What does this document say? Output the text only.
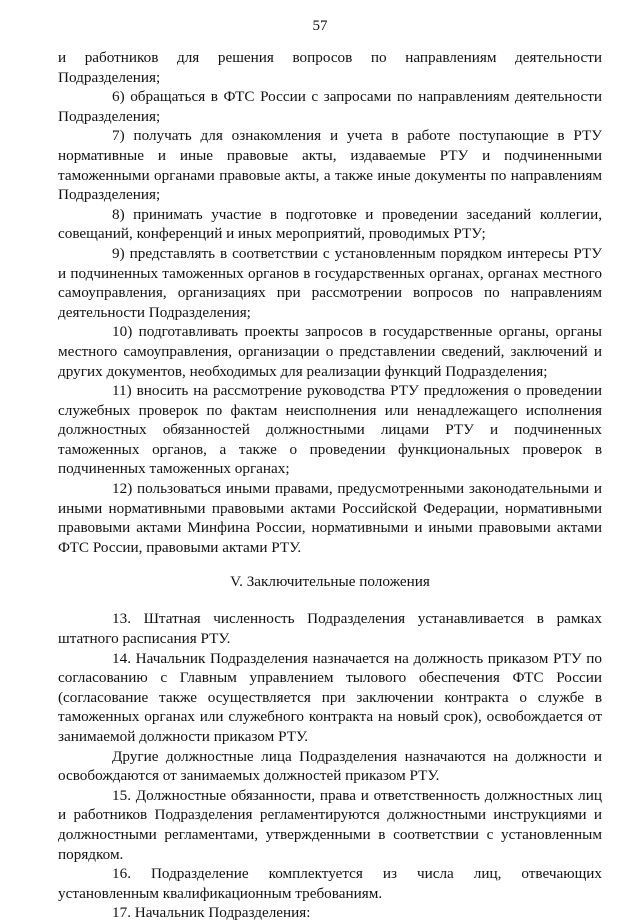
57

и работников для решения вопросов по направлениям деятельности Подразделения;

6) обращаться в ФТС России с запросами по направлениям деятельности Подразделения;

7) получать для ознакомления и учета в работе поступающие в РТУ нормативные и иные правовые акты, издаваемые РТУ и подчиненными таможенными органами правовые акты, а также иные документы по направлениям Подразделения;

8) принимать участие в подготовке и проведении заседаний коллегии, совещаний, конференций и иных мероприятий, проводимых РТУ;

9) представлять в соответствии с установленным порядком интересы РТУ и подчиненных таможенных органов в государственных органах, органах местного самоуправления, организациях при рассмотрении вопросов по направлениям деятельности Подразделения;

10) подготавливать проекты запросов в государственные органы, органы местного самоуправления, организации о представлении сведений, заключений и других документов, необходимых для реализации функций Подразделения;

11) вносить на рассмотрение руководства РТУ предложения о проведении служебных проверок по фактам неисполнения или ненадлежащего исполнения должностных обязанностей должностными лицами РТУ и подчиненных таможенных органов, а также о проведении функциональных проверок в подчиненных таможенных органах;

12) пользоваться иными правами, предусмотренными законодательными и иными нормативными правовыми актами Российской Федерации, нормативными правовыми актами Минфина России, нормативными и иными правовыми актами ФТС России, правовыми актами РТУ.

V. Заключительные положения

13. Штатная численность Подразделения устанавливается в рамках штатного расписания РТУ.

14. Начальник Подразделения назначается на должность приказом РТУ по согласованию с Главным управлением тылового обеспечения ФТС России (согласование также осуществляется при заключении контракта о службе в таможенных органах или служебного контракта на новый срок), освобождается от занимаемой должности приказом РТУ.

Другие должностные лица Подразделения назначаются на должности и освобождаются от занимаемых должностей приказом РТУ.

15. Должностные обязанности, права и ответственность должностных лиц и работников Подразделения регламентируются должностными инструкциями и должностными регламентами, утвержденными в соответствии с установленным порядком.

16. Подразделение комплектуется из числа лиц, отвечающих установленным квалификационным требованиям.

17. Начальник Подразделения:
